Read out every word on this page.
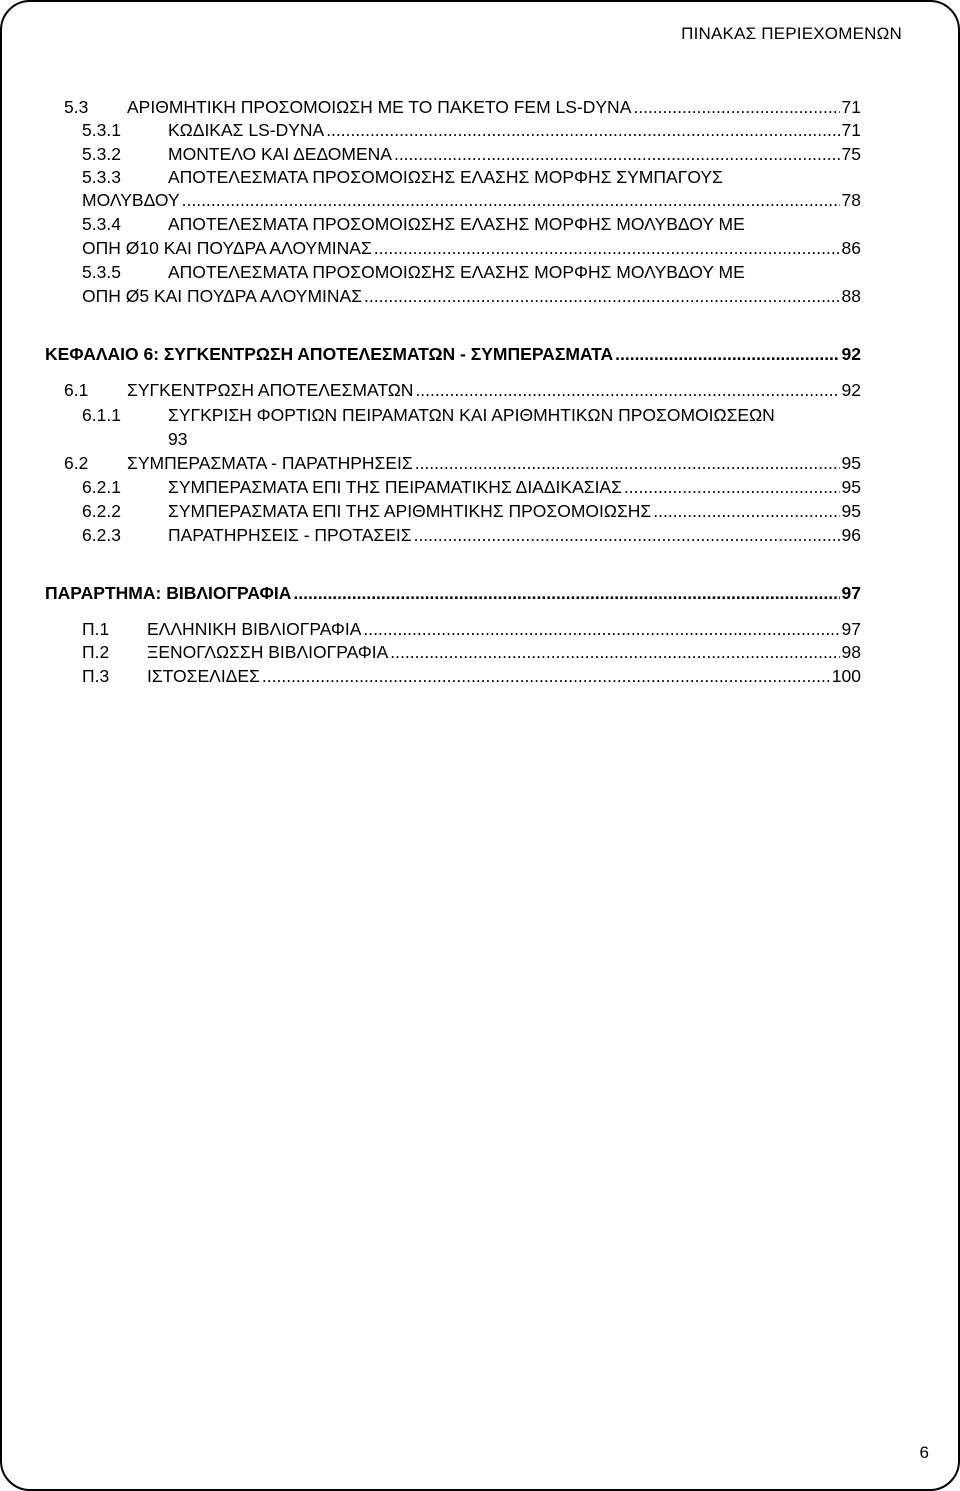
ΠΙΝΑΚΑΣ ΠΕΡΙΕΧΟΜΕΝΩΝ
5.3 ΑΡΙΘΜΗΤΙΚΗ ΠΡΟΣΟΜΟΙΩΣΗ ΜΕ ΤΟ ΠΑΚΕΤΟ FEM LS-DYNA .....	71
5.3.1	ΚΩΔΙΚΑΣ LS-DYNA .....	71
5.3.2	ΜΟΝΤΕΛΟ ΚΑΙ ΔΕΔΟΜΕΝΑ .....	75
5.3.3	ΑΠΟΤΕΛΕΣΜΑΤΑ ΠΡΟΣΟΜΟΙΩΣΗΣ ΕΛΑΣΗΣ ΜΟΡΦΗΣ ΣΥΜΠΑΓΟΥΣ
ΜΟΛΥΒΔΟΥ .....	78
5.3.4	ΑΠΟΤΕΛΕΣΜΑΤΑ ΠΡΟΣΟΜΟΙΩΣΗΣ ΕΛΑΣΗΣ ΜΟΡΦΗΣ ΜΟΛΥΒΔΟΥ ΜΕ
ΟΠΗ Ø10 ΚΑΙ ΠΟΥΔΡΑ ΑΛΟΥΜΙΝΑΣ .....	86
5.3.5	ΑΠΟΤΕΛΕΣΜΑΤΑ ΠΡΟΣΟΜΟΙΩΣΗΣ ΕΛΑΣΗΣ ΜΟΡΦΗΣ ΜΟΛΥΒΔΟΥ ΜΕ
ΟΠΗ Ø5 ΚΑΙ ΠΟΥΔΡΑ ΑΛΟΥΜΙΝΑΣ .....	88
ΚΕΦΑΛΑΙΟ 6: ΣΥΓΚΕΝΤΡΩΣΗ ΑΠΟΤΕΛΕΣΜΑΤΩΝ - ΣΥΜΠΕΡΑΣΜΑΤΑ .....	92
6.1 ΣΥΓΚΕΝΤΡΩΣΗ ΑΠΟΤΕΛΕΣΜΑΤΩΝ .....	92
6.1.1	ΣΥΓΚΡΙΣΗ ΦΟΡΤΙΩΝ ΠΕΙΡΑΜΑΤΩΝ ΚΑΙ ΑΡΙΘΜΗΤΙΚΩΝ ΠΡΟΣΟΜΟΙΩΣΕΩΝ
93
6.2 ΣΥΜΠΕΡΑΣΜΑΤΑ - ΠΑΡΑΤΗΡΗΣΕΙΣ .....	95
6.2.1	ΣΥΜΠΕΡΑΣΜΑΤΑ ΕΠΙ ΤΗΣ ΠΕΙΡΑΜΑΤΙΚΗΣ ΔΙΑΔΙΚΑΣΙΑΣ .....	95
6.2.2	ΣΥΜΠΕΡΑΣΜΑΤΑ ΕΠΙ ΤΗΣ ΑΡΙΘΜΗΤΙΚΗΣ ΠΡΟΣΟΜΟΙΩΣΗΣ .....	95
6.2.3	ΠΑΡΑΤΗΡΗΣΕΙΣ - ΠΡΟΤΑΣΕΙΣ .....	96
ΠΑΡΑΡΤΗΜΑ: ΒΙΒΛΙΟΓΡΑΦΙΑ .....	97
Π.1 ΕΛΛΗΝΙΚΗ ΒΙΒΛΙΟΓΡΑΦΙΑ .....	97
Π.2 ΞΕΝΟΓΛΩΣΣΗ ΒΙΒΛΙΟΓΡΑΦΙΑ .....	98
Π.3 ΙΣΤΟΣΕΛΙΔΕΣ .....	100
6
